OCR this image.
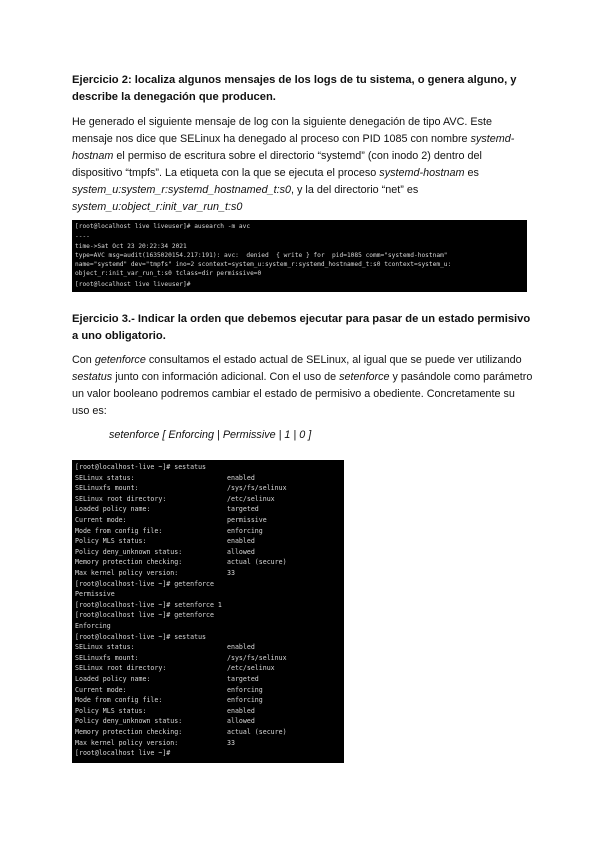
Ejercicio 2: localiza algunos mensajes de los logs de tu sistema, o genera alguno, y describe la denegación que producen.

He generado el siguiente mensaje de log con la siguiente denegación de tipo AVC. Este mensaje nos dice que SELinux ha denegado al proceso con PID 1085 con nombre systemd-hostnam el permiso de escritura sobre el directorio “systemd” (con inodo 2) dentro del dispositivo “tmpfs”. La etiqueta con la que se ejecuta el proceso systemd-hostnam es system_u:system_r:systemd_hostnamed_t:s0, y la del directorio “net” es system_u:object_r:init_var_run_t:s0

[root@localhost live liveuser]# ausearch -m avc
----
time->Sat Oct 23 20:22:34 2021
type=AVC msg=audit(1635020154.217:191): avc:  denied  { write } for  pid=1085 comm="systemd-hostnam"
name="systemd" dev="tmpfs" ino=2 scontext=system_u:system_r:systemd_hostnamed_t:s0 tcontext=system_u:
object_r:init_var_run_t:s0 tclass=dir permissive=0
[root@localhost live liveuser]#

Ejercicio 3.- Indicar la orden que debemos ejecutar para pasar de un estado permisivo a uno obligatorio.

Con getenforce consultamos el estado actual de SELinux, al igual que se puede ver utilizando sestatus junto con información adicional. Con el uso de setenforce y pasándole como parámetro un valor booleano podremos cambiar el estado de permisivo a obediente. Concretamente su uso es:

setenforce [ Enforcing | Permissive | 1 | 0 ]

[root@localhost-live ~]# sestatus
SELinux status:	enabled
SELinuxfs mount:	/sys/fs/selinux
SELinux root directory:	/etc/selinux
Loaded policy name:	targeted
Current mode:	permissive
Mode from config file:	enforcing
Policy MLS status:	enabled
Policy deny_unknown status:	allowed
Memory protection checking:	actual (secure)
Max kernel policy version:	33
[root@localhost-live ~]# getenforce
Permissive
[root@localhost-live ~]# setenforce 1
[root@localhost live ~]# getenforce
Enforcing
[root@localhost-live ~]# sestatus
SELinux status:	enabled
SELinuxfs mount:	/sys/fs/selinux
SELinux root directory:	/etc/selinux
Loaded policy name:	targeted
Current mode:	enforcing
Mode from config file:	enforcing
Policy MLS status:	enabled
Policy deny_unknown status:	allowed
Memory protection checking:	actual (secure)
Max kernel policy version:	33
[root@localhost live ~]#
